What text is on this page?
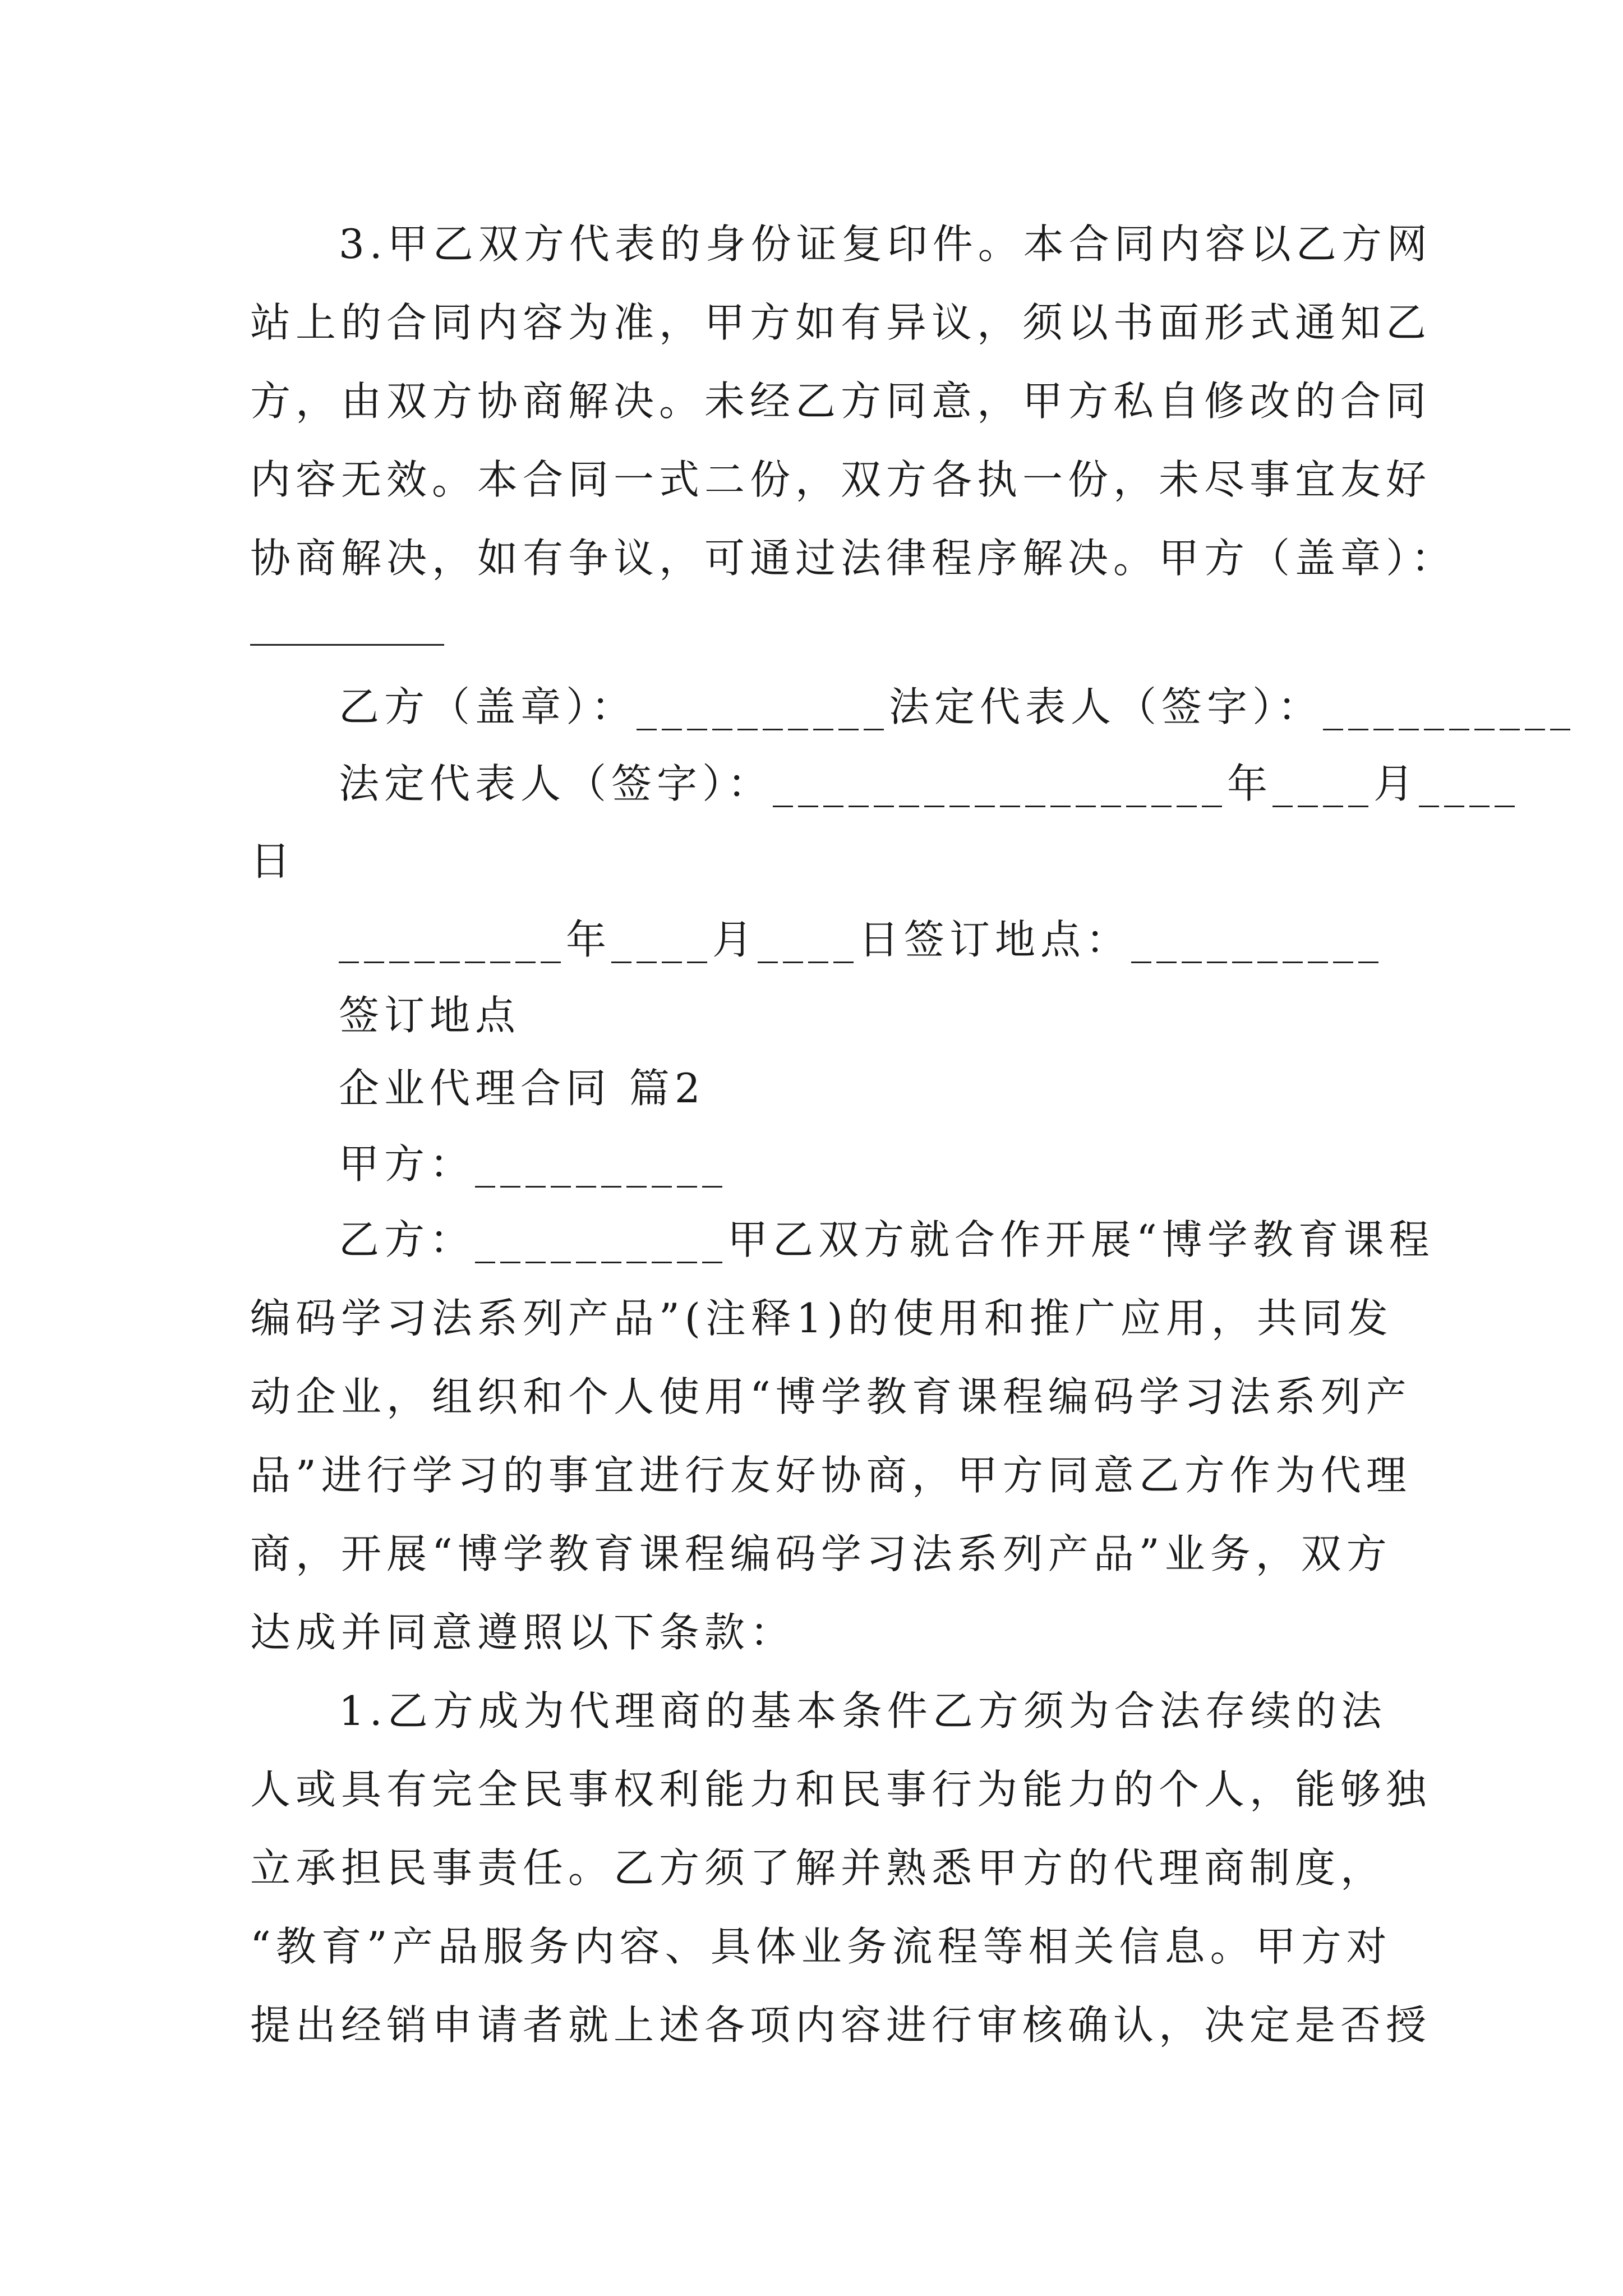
3.甲乙双方代表的身份证复印件。本合同内容以乙方网
站上的合同内容为准，甲方如有异议，须以书面形式通知乙
方，由双方协商解决。未经乙方同意，甲方私自修改的合同
内容无效。本合同一式二份，双方各执一份，未尽事宜友好
协商解决，如有争议，可通过法律程序解决。甲方（盖章）：
乙方（盖章）：__________法定代表人（签字）：__________
法定代表人（签字）：__________________年____月____
日
_________年____月____日签订地点：__________
签订地点
企业代理合同 篇2
甲方：__________
乙方：__________甲乙双方就合作开展“博学教育课程
编码学习法系列产品”(注释1)的使用和推广应用，共同发
动企业，组织和个人使用“博学教育课程编码学习法系列产
品”进行学习的事宜进行友好协商，甲方同意乙方作为代理
商，开展“博学教育课程编码学习法系列产品”业务，双方
达成并同意遵照以下条款：
1.乙方成为代理商的基本条件乙方须为合法存续的法
人或具有完全民事权利能力和民事行为能力的个人，能够独
立承担民事责任。乙方须了解并熟悉甲方的代理商制度，
“教育”产品服务内容、具体业务流程等相关信息。甲方对
提出经销申请者就上述各项内容进行审核确认，决定是否授
